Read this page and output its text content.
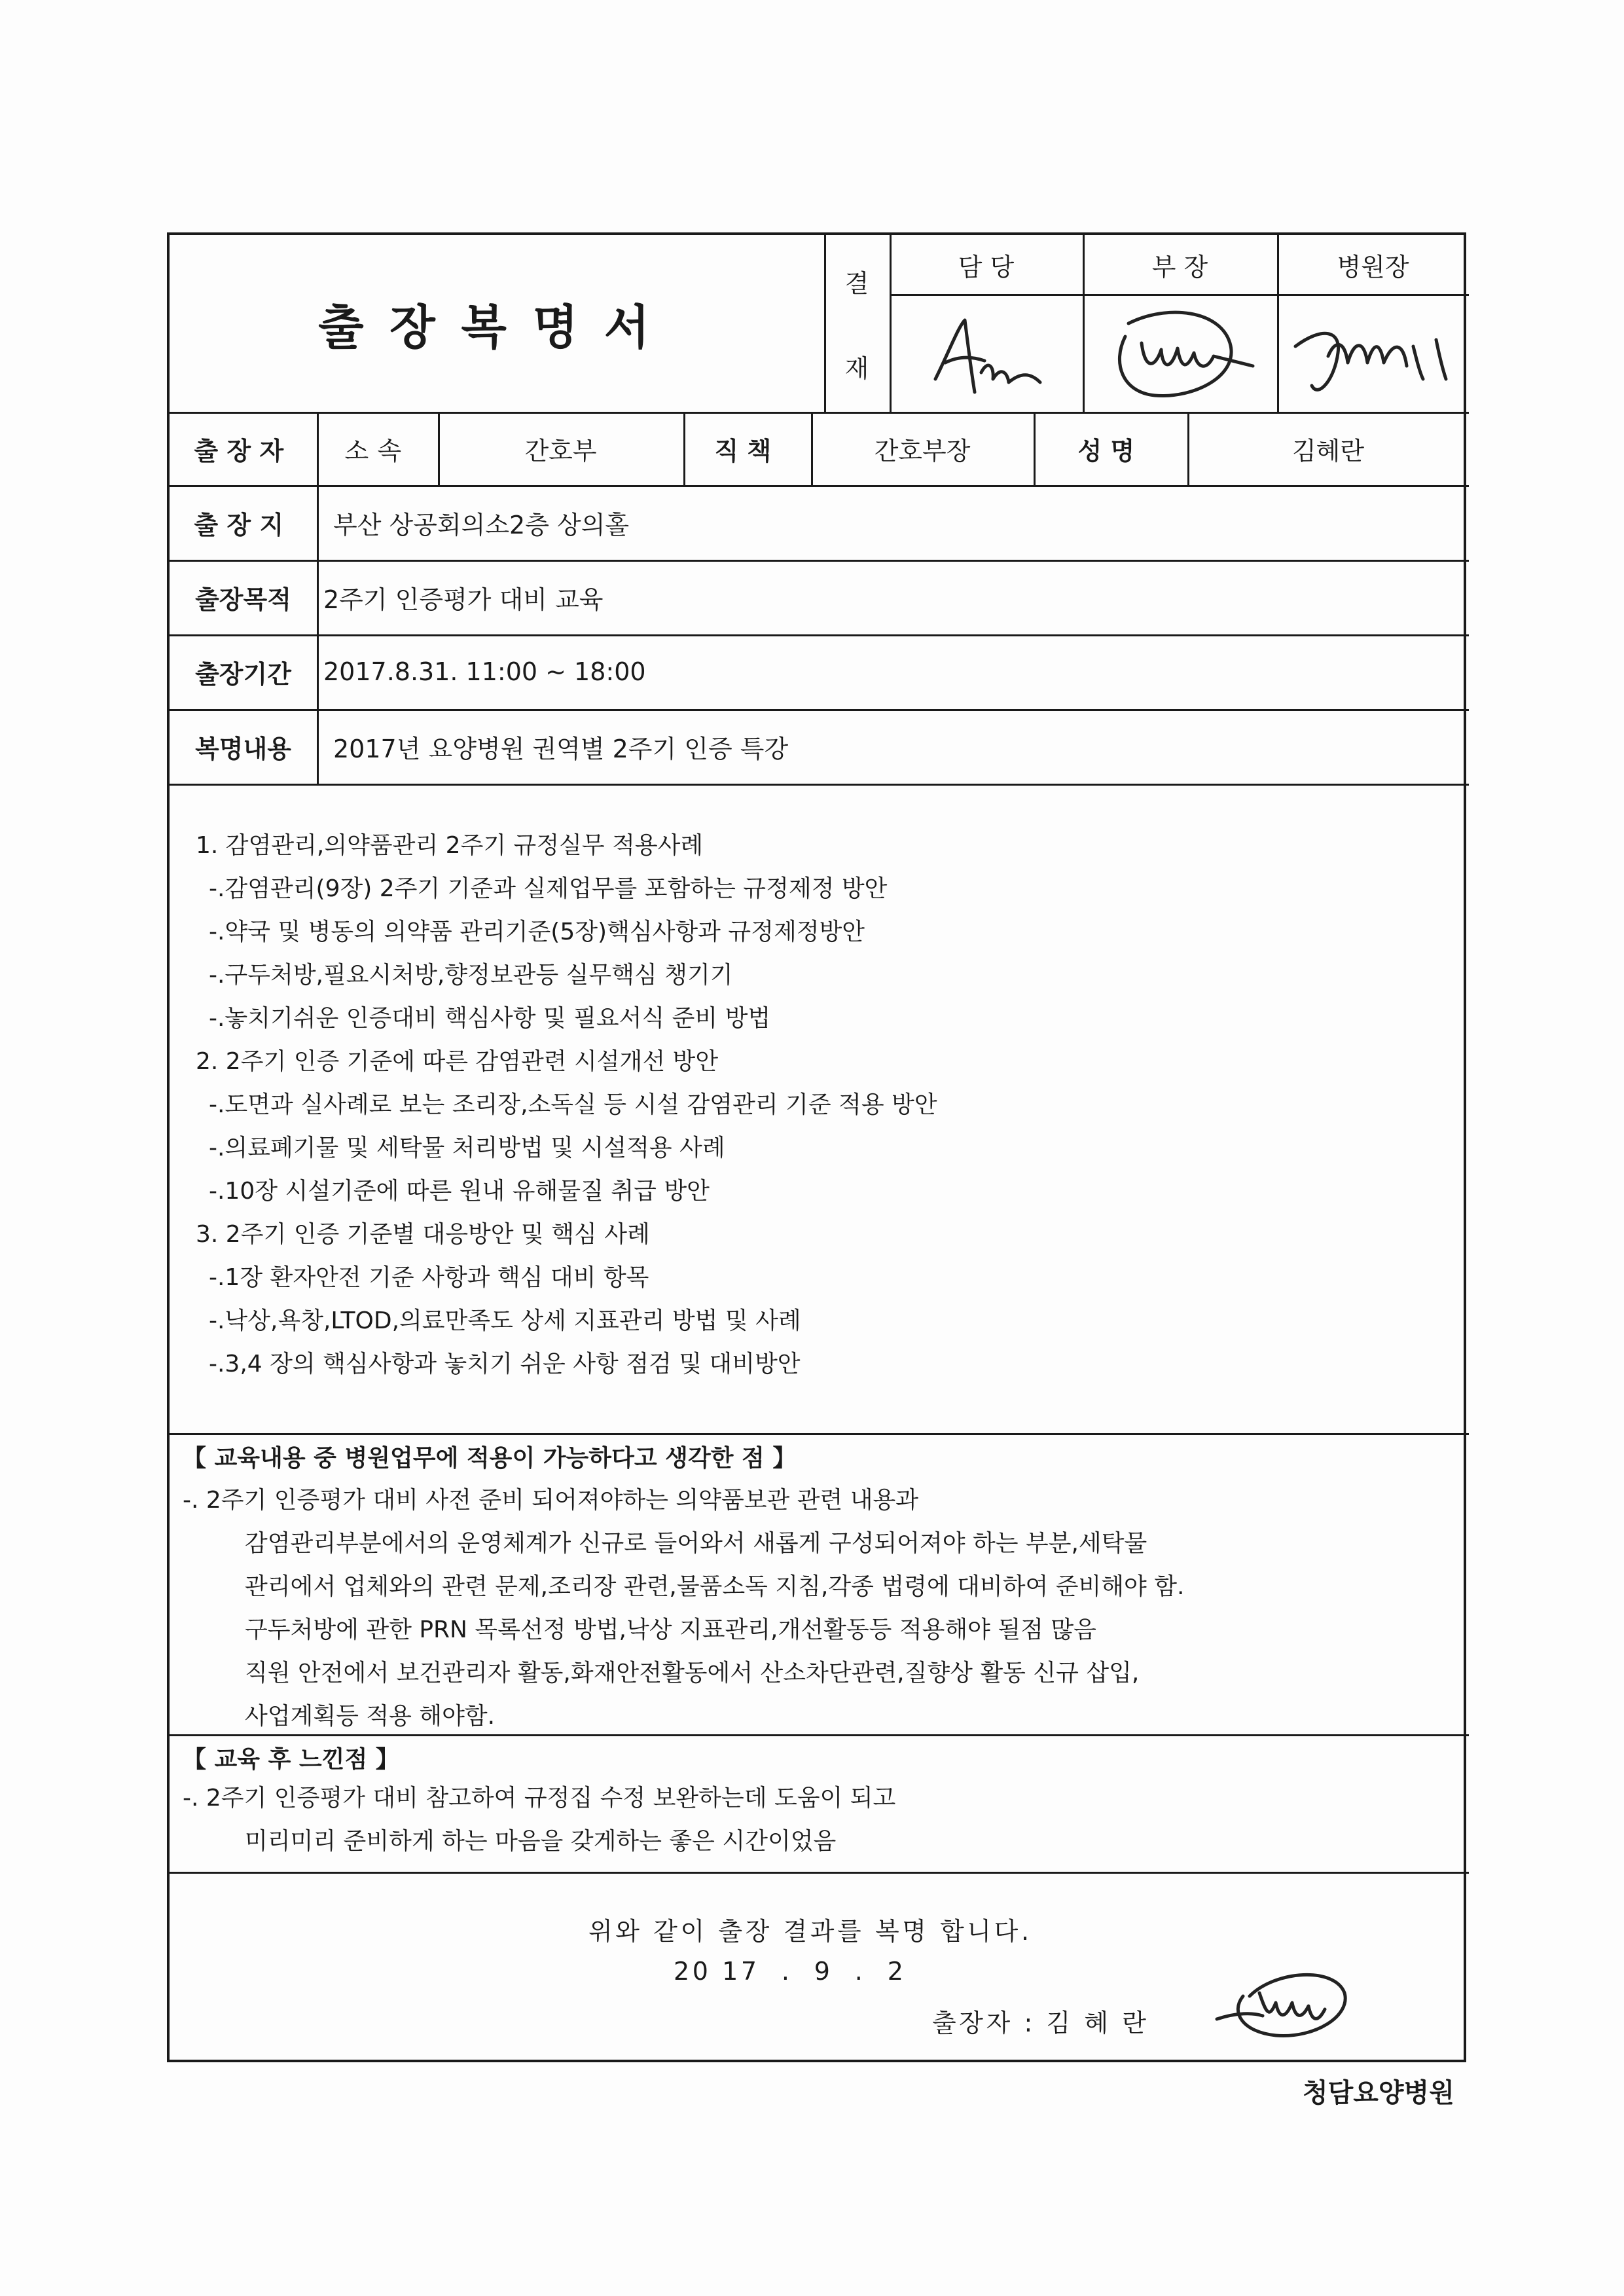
출장복명서
결
재
담 당	부 장	병원장
출장자	소속	간호부	직책	간호부장	성명	김혜란
출장지	부산 상공회의소2층 상의홀
출장목적	2주기 인증평가 대비 교육
출장기간	2017.8.31. 11:00 ~ 18:00
복명내용	2017년 요양병원 권역별 2주기 인증 특강
1. 감염관리,의약품관리 2주기 규정실무 적용사례
-.감염관리(9장) 2주기 기준과 실제업무를 포함하는 규정제정 방안
-.약국 및 병동의 의약품 관리기준(5장)핵심사항과 규정제정방안
-.구두처방,필요시처방,향정보관등 실무핵심 챙기기
-.놓치기쉬운 인증대비 핵심사항 및 필요서식 준비 방법
2. 2주기 인증 기준에 따른 감염관련 시설개선 방안
-.도면과 실사례로 보는 조리장,소독실 등 시설 감염관리 기준 적용 방안
-.의료폐기물 및 세탁물 처리방법 및 시설적용 사례
-.10장 시설기준에 따른 원내 유해물질 취급 방안
3. 2주기 인증 기준별 대응방안 및 핵심 사례
-.1장 환자안전 기준 사항과 핵심 대비 항목
-.낙상,욕창,LTOD,의료만족도 상세 지표관리 방법 및 사례
-.3,4 장의 핵심사항과 놓치기 쉬운 사항 점검 및 대비방안
【 교육내용 중 병원업무에 적용이 가능하다고 생각한 점 】
-. 2주기 인증평가 대비 사전 준비 되어져야하는 의약품보관 관련 내용과
감염관리부분에서의 운영체계가 신규로 들어와서 새롭게 구성되어져야 하는 부분,세탁물
관리에서 업체와의 관련 문제,조리장 관련,물품소독 지침,각종 법령에 대비하여 준비해야 함.
구두처방에 관한 PRN 목록선정 방법,낙상 지표관리,개선활동등 적용해야 될점 많음
직원 안전에서 보건관리자 활동,화재안전활동에서 산소차단관련,질향상 활동 신규 삽입,
사업계획등 적용 해야함.
【 교육 후 느낀점 】
-. 2주기 인증평가 대비 참고하여 규정집 수정 보완하는데 도움이 되고
미리미리 준비하게 하는 마음을 갖게하는 좋은 시간이었음
위와 같이 출장 결과를 복명 합니다.
20 17  .  9  .  2
출장자 : 김 혜 란
청담요양병원
